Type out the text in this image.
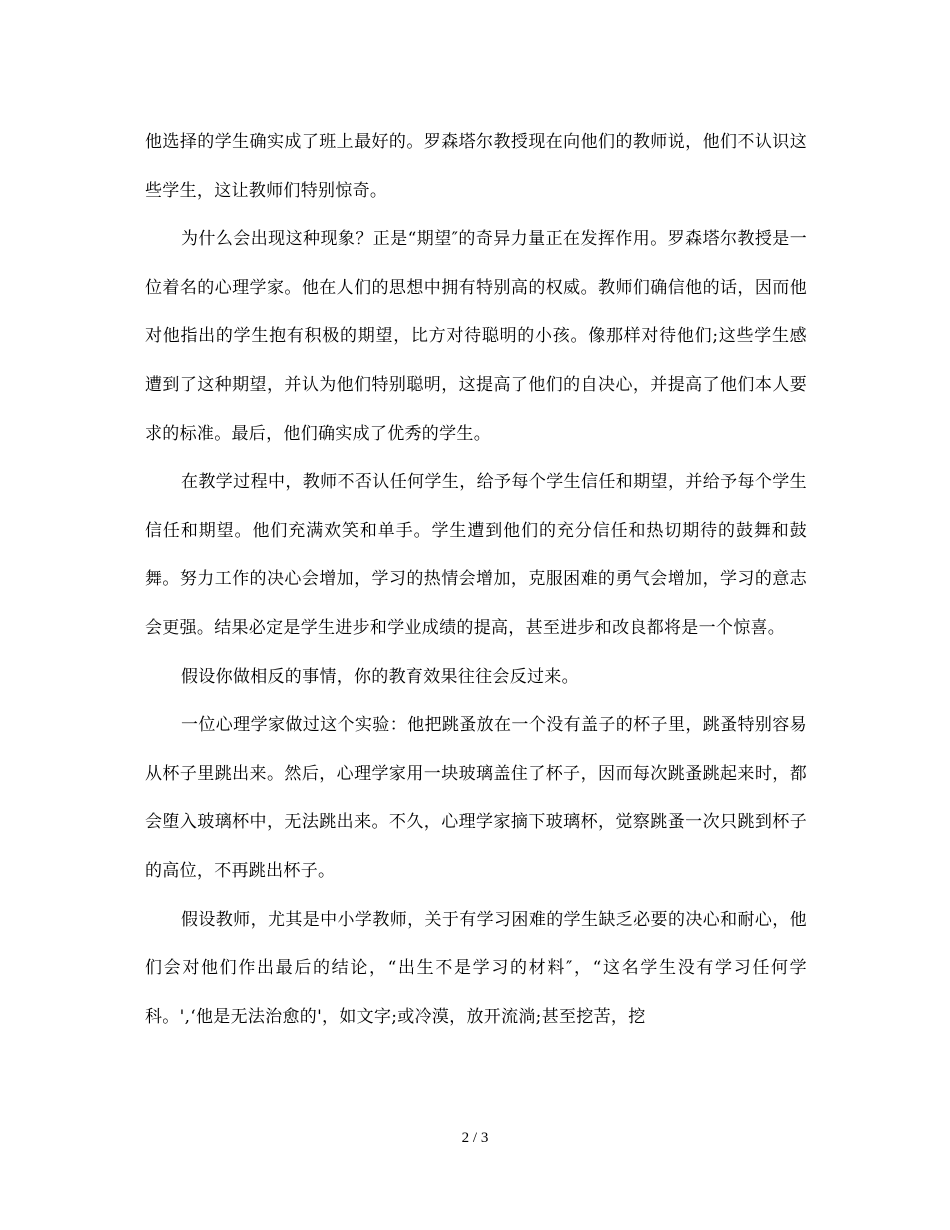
他选择的学生确实成了班上最好的。罗森塔尔教授现在向他们的教师说，他们不认识这些学生，这让教师们特别惊奇。

为什么会出现这种现象？正是“期望″的奇异力量正在发挥作用。罗森塔尔教授是一位着名的心理学家。他在人们的思想中拥有特别高的权威。教师们确信他的话，因而他对他指出的学生抱有积极的期望，比方对待聪明的小孩。像那样对待他们;这些学生感遭到了这种期望，并认为他们特别聪明，这提高了他们的自决心，并提高了他们本人要求的标准。最后，他们确实成了优秀的学生。

在教学过程中，教师不否认任何学生，给予每个学生信任和期望，并给予每个学生信任和期望。他们充满欢笑和单手。学生遭到他们的充分信任和热切期待的鼓舞和鼓舞。努力工作的决心会增加，学习的热情会增加，克服困难的勇气会增加，学习的意志会更强。结果必定是学生进步和学业成绩的提高，甚至进步和改良都将是一个惊喜。

假设你做相反的事情，你的教育效果往往会反过来。

一位心理学家做过这个实验：他把跳蚤放在一个没有盖子的杯子里，跳蚤特别容易从杯子里跳出来。然后，心理学家用一块玻璃盖住了杯子，因而每次跳蚤跳起来时，都会堕入玻璃杯中，无法跳出来。不久，心理学家摘下玻璃杯，觉察跳蚤一次只跳到杯子的高位，不再跳出杯子。

假设教师，尤其是中小学教师，关于有学习困难的学生缺乏必要的决心和耐心，他们会对他们作出最后的结论，“出生不是学习的材料″，“这名学生没有学习任何学科。',‘他是无法治愈的'，如文字;或冷漠，放开流淌;甚至挖苦，挖

2 / 3
